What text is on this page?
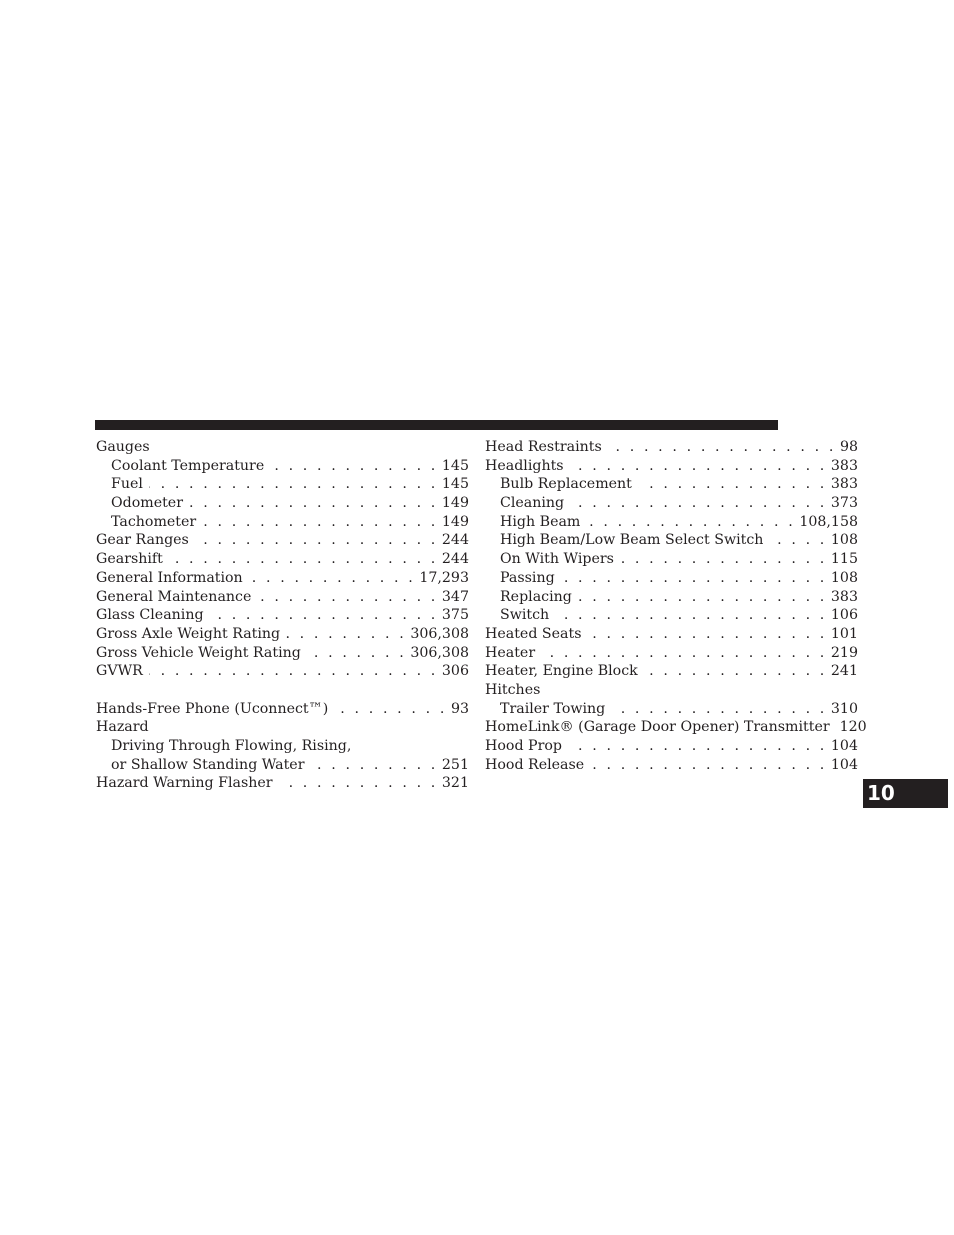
Gauges
Coolant Temperature . . .	145
Fuel . . .	145
Odometer . . .	149
Tachometer . . .	149
Gear Ranges . . .	244
Gearshift . . .	244
General Information . . .	17,293
General Maintenance . . .	347
Glass Cleaning . . .	375
Gross Axle Weight Rating . . .	306,308
Gross Vehicle Weight Rating . . .	306,308
GVWR . . .	306
Hands-Free Phone (Uconnect™) . . .	93
Hazard
Driving Through Flowing, Rising,
or Shallow Standing Water . . .	251
Hazard Warning Flasher . . .	321
Head Restraints . . .	98
Headlights . . .	383
Bulb Replacement . . .	383
Cleaning . . .	373
High Beam . . .	108,158
High Beam/Low Beam Select Switch . . .	108
On With Wipers . . .	115
Passing . . .	108
Replacing . . .	383
Switch . . .	106
Heated Seats . . .	101
Heater . . .	219
Heater, Engine Block . . .	241
Hitches
Trailer Towing . . .	310
HomeLink® (Garage Door Opener) Transmitter 120
Hood Prop . . .	104
Hood Release . . .	104
10
